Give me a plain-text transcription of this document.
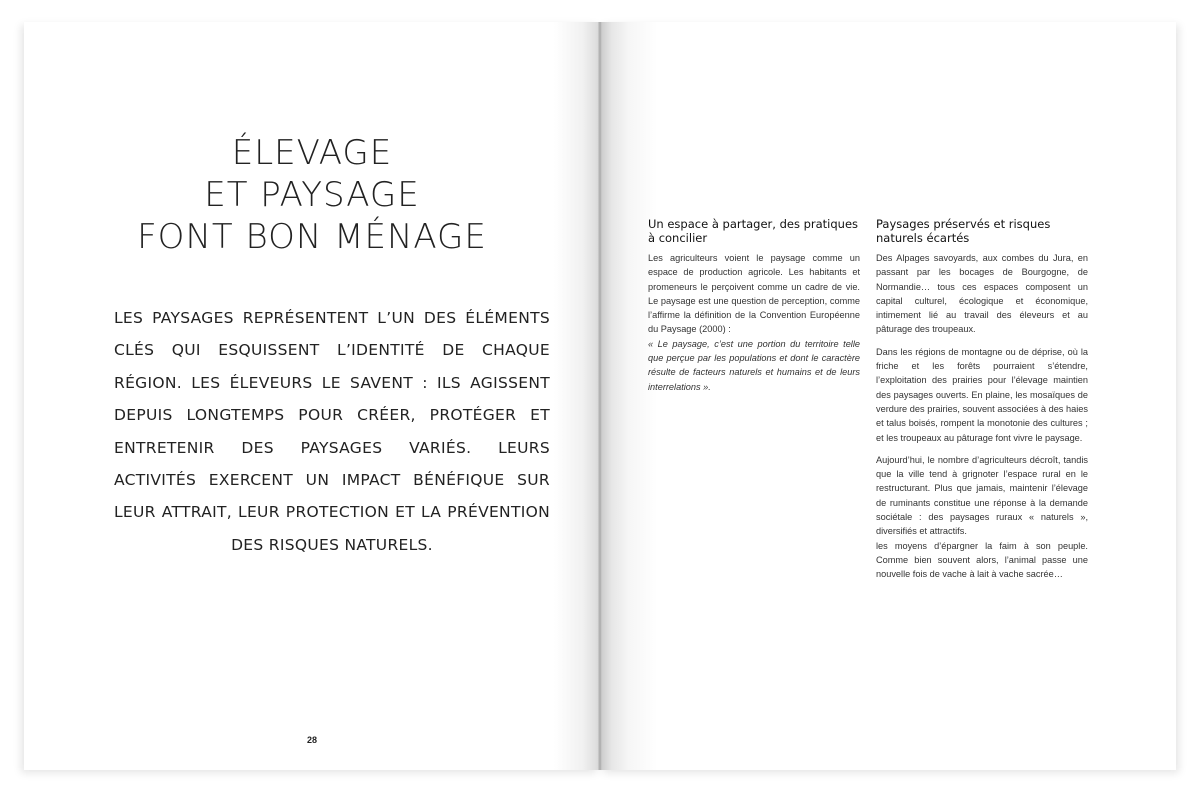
ÉLEVAGE
ET PAYSAGE
FONT BON MÉNAGE
LES PAYSAGES REPRÉSENTENT L’UN DES ÉLÉMENTS CLÉS QUI ESQUISSENT L’IDENTITÉ DE CHAQUE RÉGION. LES ÉLEVEURS LE SAVENT : ILS AGISSENT DEPUIS LONGTEMPS POUR CRÉER, PROTÉGER ET ENTRETENIR DES PAYSAGES VARIÉS. LEURS ACTIVITÉS EXERCENT UN IMPACT BÉNÉFIQUE SUR LEUR ATTRAIT, LEUR PROTECTION ET LA PRÉVENTION DES RISQUES NATURELS.
28
Un espace à partager, des pratiques à concilier

Les agriculteurs voient le paysage comme un espace de production agricole. Les habitants et promeneurs le perçoivent comme un cadre de vie. Le paysage est une question de perception, comme l’affirme la définition de la Convention Européenne du Paysage (2000) :

« Le paysage, c’est une portion du territoire telle que perçue par les populations et dont le caractère résulte de facteurs naturels et humains et de leurs interrelations ».

Paysages préservés et risques naturels écartés

Des Alpages savoyards, aux combes du Jura, en passant par les bocages de Bourgogne, de Normandie… tous ces espaces composent un capital culturel, écologique et économique, intimement lié au travail des éleveurs et au pâturage des troupeaux.

Dans les régions de montagne ou de déprise, où la friche et les forêts pourraient s’étendre, l’exploitation des prairies pour l’élevage maintien des paysages ouverts. En plaine, les mosaïques de verdure des prairies, souvent associées à des haies et talus boisés, rompent la monotonie des cultures ; et les troupeaux au pâturage font vivre le paysage.

Aujourd’hui, le nombre d’agriculteurs décroît, tandis que la ville tend à grignoter l’espace rural en le restructurant. Plus que jamais, maintenir l’élevage de ruminants constitue une réponse à la demande sociétale : des paysages ruraux « naturels », diversifiés et attractifs.

les moyens d’épargner la faim à son peuple. Comme bien souvent alors, l’animal passe une nouvelle fois de vache à lait à vache sacrée…
